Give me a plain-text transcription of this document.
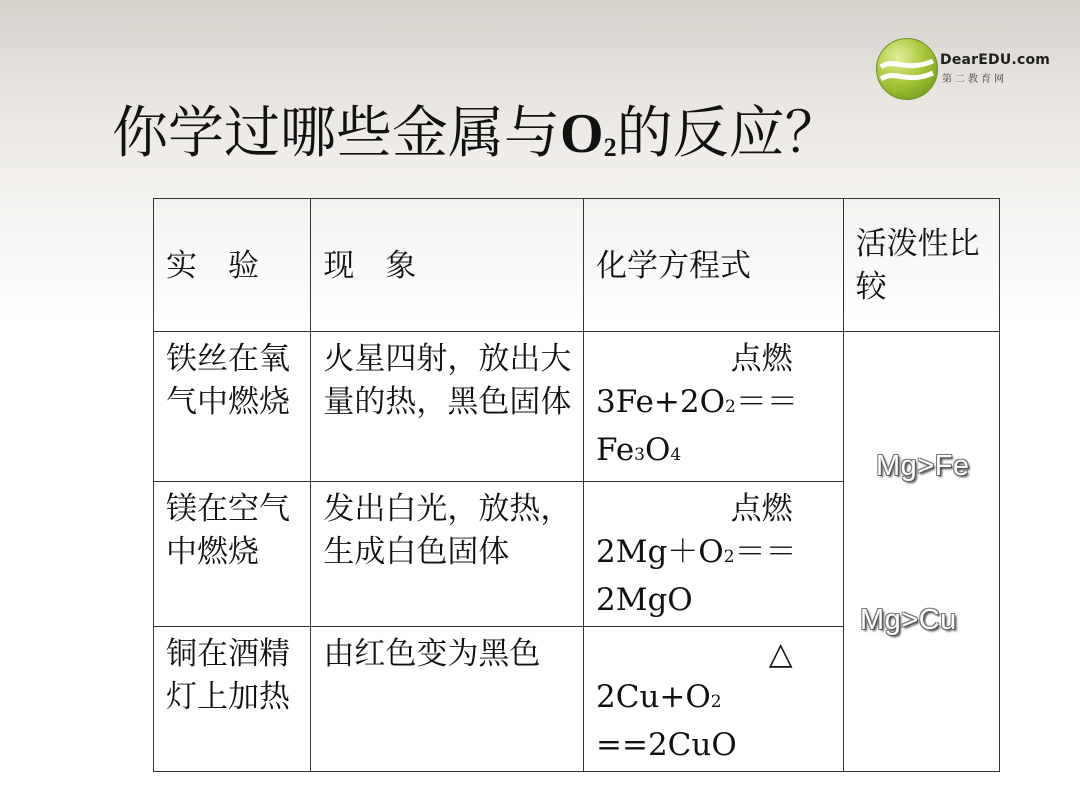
DearEDU.com
第二教育网
你学过哪些金属与$O_2$的反应？
实　验	现　象	化学方程式	活泼性比较
铁丝在氧气中燃烧	火星四射，放出大量的热，黑色固体	点燃
3Fe+2O2＝＝
Fe3O4	
镁在空气中燃烧	发出白光，放热，生成白色固体	点燃
2Mg＋O2＝＝
2MgO	
铜在酒精灯上加热	由红色变为黑色	△
2Cu+O2
==2CuO	
Mg>Fe
Mg>Cu
